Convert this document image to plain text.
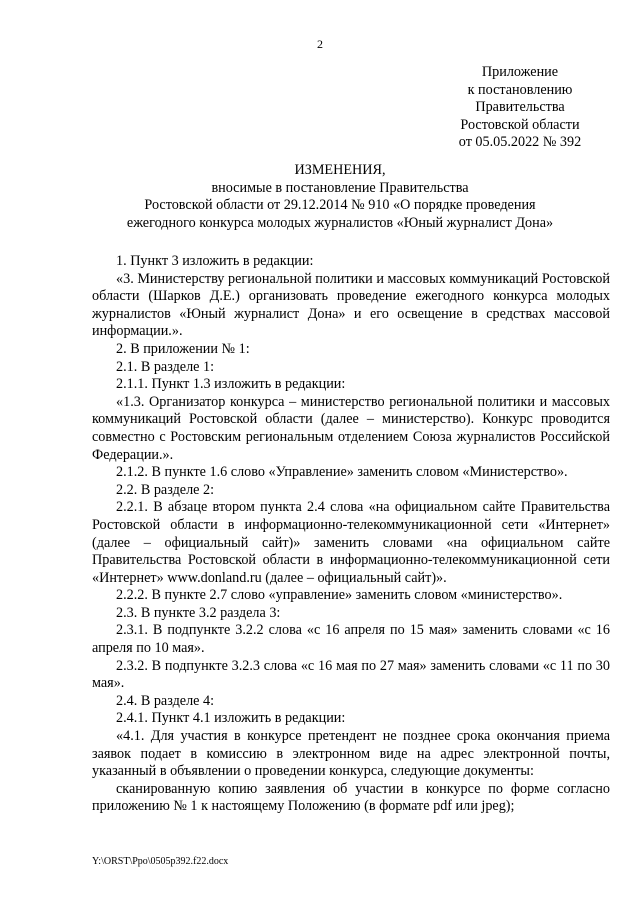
2
Приложение
к постановлению
Правительства
Ростовской области
от 05.05.2022 № 392
ИЗМЕНЕНИЯ,
вносимые в постановление Правительства
Ростовской области от 29.12.2014 № 910 «О порядке проведения
ежегодного конкурса молодых журналистов «Юный журналист Дона»

1. Пункт 3 изложить в редакции:

«3. Министерству региональной политики и массовых коммуникаций Ростовской области (Шарков Д.Е.) организовать проведение ежегодного конкурса молодых журналистов «Юный журналист Дона» и его освещение в средствах массовой информации.».

2. В приложении № 1:

2.1. В разделе 1:

2.1.1. Пункт 1.3 изложить в редакции:

«1.3. Организатор конкурса – министерство региональной политики и массовых коммуникаций Ростовской области (далее – министерство). Конкурс проводится совместно с Ростовским региональным отделением Союза журналистов Российской Федерации.».

2.1.2. В пункте 1.6 слово «Управление» заменить словом «Министерство».

2.2. В разделе 2:

2.2.1. В абзаце втором пункта 2.4 слова «на официальном сайте Правительства Ростовской области в информационно-телекоммуникационной сети «Интернет» (далее – официальный сайт)» заменить словами «на официальном сайте Правительства Ростовской области в информационно-телекоммуникационной сети «Интернет» www.donland.ru (далее – официальный сайт)».

2.2.2. В пункте 2.7 слово «управление» заменить словом «министерство».

2.3. В пункте 3.2 раздела 3:

2.3.1. В подпункте 3.2.2 слова «с 16 апреля по 15 мая» заменить словами «с 16 апреля по 10 мая».

2.3.2. В подпункте 3.2.3 слова «с 16 мая по 27 мая» заменить словами «с 11 по 30 мая».

2.4. В разделе 4:

2.4.1. Пункт 4.1 изложить в редакции:

«4.1. Для участия в конкурсе претендент не позднее срока окончания приема заявок подает в комиссию в электронном виде на адрес электронной почты, указанный в объявлении о проведении конкурса, следующие документы:

сканированную копию заявления об участии в конкурсе по форме согласно приложению № 1 к настоящему Положению (в формате pdf или jpeg);

Y:\ORST\Ppo\0505p392.f22.docx
